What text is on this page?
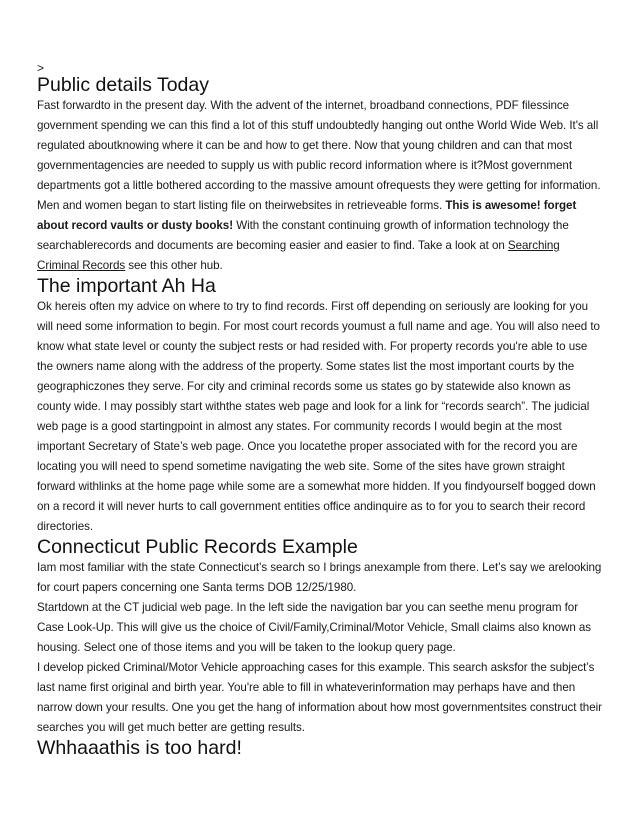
>
Public details Today

Fast forwardto in the present day. With the advent of the internet, broadband connections, PDF filessince government spending we can this find a lot of this stuff undoubtedly hanging out onthe World Wide Web. It's all regulated aboutknowing where it can be and how to get there. Now that young children and can that most governmentagencies are needed to supply us with public record information where is it?Most government departments got a little bothered according to the massive amount ofrequests they were getting for information. Men and women began to start listing file on theirwebsites in retrieveable forms. This is awesome! forget about record vaults or dusty books! With the constant continuing growth of information technology the searchablerecords and documents are becoming easier and easier to find. Take a look at on Searching Criminal Records see this other hub.

The important Ah Ha

Ok hereis often my advice on where to try to find records. First off depending on seriously are looking for you will need some information to begin. For most court records youmust a full name and age. You will also need to know what state level or county the subject rests or had resided with. For property records you're able to use the owners name along with the address of the property. Some states list the most important courts by the geographiczones they serve. For city and criminal records some us states go by statewide also known as county wide. I may possibly start withthe states web page and look for a link for “records search”. The judicial web page is a good startingpoint in almost any states. For community records I would begin at the most important Secretary of State’s web page. Once you locatethe proper associated with for the record you are locating you will need to spend sometime navigating the web site. Some of the sites have grown straight forward withlinks at the home page while some are a somewhat more hidden. If you findyourself bogged down on a record it will never hurts to call government entities office andinquire as to for you to search their record directories.

Connecticut Public Records Example

Iam most familiar with the state Connecticut’s search so I brings anexample from there. Let’s say we arelooking for court papers concerning one Santa terms DOB 12/25/1980.

Startdown at the CT judicial web page. In the left side the navigation bar you can seethe menu program for Case Look-Up. This will give us the choice of Civil/Family,Criminal/Motor Vehicle, Small claims also known as housing. Select one of those items and you will be taken to the lookup query page.

I develop picked Criminal/Motor Vehicle approaching cases for this example. This search asksfor the subject’s last name first original and birth year. You're able to fill in whateverinformation may perhaps have and then narrow down your results. One you get the hang of information about how most governmentsites construct their searches you will get much better are getting results.

Whhaaathis is too hard!
